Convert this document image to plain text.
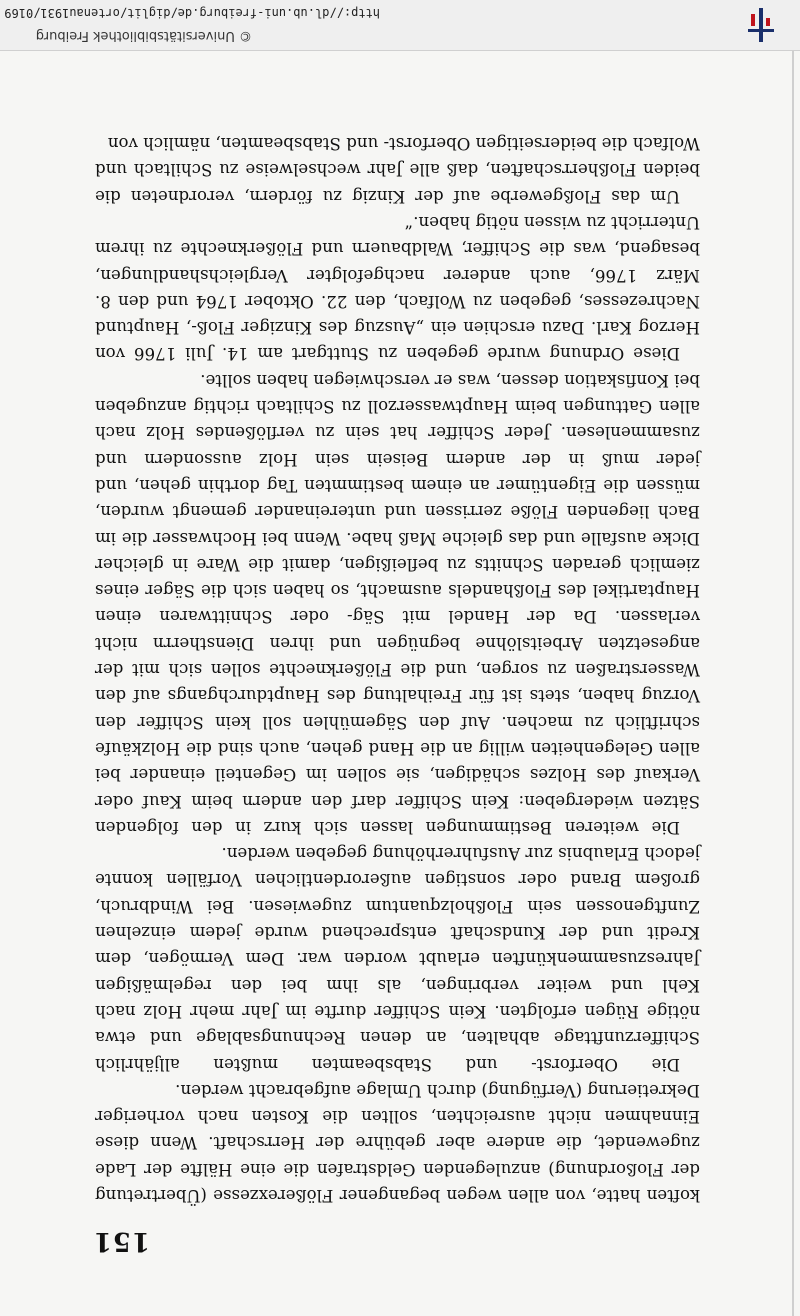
151

koften hatte, von allen wegen begangener Flößerexzesse (Übertretung der Floßordnung) anzulegenden Geldstrafen die eine Hälfte der Lade zugewendet, die andere aber gebühre der Herrschaft. Wenn diese Einnahmen nicht ausreichten, sollten die Kosten nach vorheriger Dekretierung (Verfügung) durch Umlage aufgebracht werden.

Die Oberforst- und Stabsbeamten mußten alljährlich Schifferzunfttage abhalten, an denen Rechnungsablage und etwa nötige Rügen erfolgten. Kein Schiffer durfte im Jahr mehr Holz nach Kehl und weiter verbringen, als ihm bei den regelmäßigen Jahreszusammenkünften erlaubt worden war. Dem Vermögen, dem Kredit und der Kundschaft entsprechend wurde jedem einzelnen Zunftgenossen sein Floßholzquantum zugewiesen. Bei Windbruch, großem Brand oder sonstigen außerordentlichen Vorfällen konnte jedoch Erlaubnis zur Ausfuhrerhöhung gegeben werden.

Die weiteren Bestimmungen lassen sich kurz in den folgenden Sätzen wiedergeben: Kein Schiffer darf den andern beim Kauf oder Verkauf des Holzes schädigen, sie sollen im Gegenteil einander bei allen Gelegenheiten willig an die Hand gehen, auch sind die Holzkäufe schriftlich zu machen. Auf den Sägemühlen soll kein Schiffer den Vorzug haben, stets ist für Freihaltung des Hauptdurchgangs auf den Wasserstraßen zu sorgen, und die Flößerknechte sollen sich mit der angesetzten Arbeitslöhne begnügen und ihren Dienstherrn nicht verlassen. Da der Handel mit Säg- oder Schnittwaren einen Hauptartikel des Floßhandels ausmacht, so haben sich die Säger eines ziemlich geraden Schnitts zu befleißigen, damit die Ware in gleicher Dicke ausfalle und das gleiche Maß habe. Wenn bei Hochwasser die im Bach liegenden Flöße zerrissen und untereinander gemengt wurden, müssen die Eigentümer an einem bestimmten Tag dorthin gehen, und jeder muß in der andern Beisein sein Holz aussondern und zusammenlesen. Jeder Schiffer hat sein zu verflößendes Holz nach allen Gattungen beim Hauptwasserzoll zu Schiltach richtig anzugeben bei Konfiskation dessen, was er verschwiegen haben sollte.

Diese Ordnung wurde gegeben zu Stuttgart am 14. Juli 1766 von Herzog Karl. Dazu erschien ein „Auszug des Kinziger Floß-, Hauptund Nachrezesses, gegeben zu Wolfach, den 22. Oktober 1764 und den 8. März 1766, auch anderer nachgefolgter Vergleichshandlungen, besagend, was die Schiffer, Waldbauern und Flößerknechte zu ihrem Unterricht zu wissen nötig haben.“

Um das Floßgewerbe auf der Kinzig zu fördern, verordneten die beiden Floßherrschaften, daß alle Jahr wechselweise zu Schiltach und Wolfach die beiderseitigen Oberforst- und Stabsbeamten, nämlich von

© Universitätsbibliothek Freiburg
http://dl.ub.uni-freiburg.de/diglit/ortenau1931/0169
